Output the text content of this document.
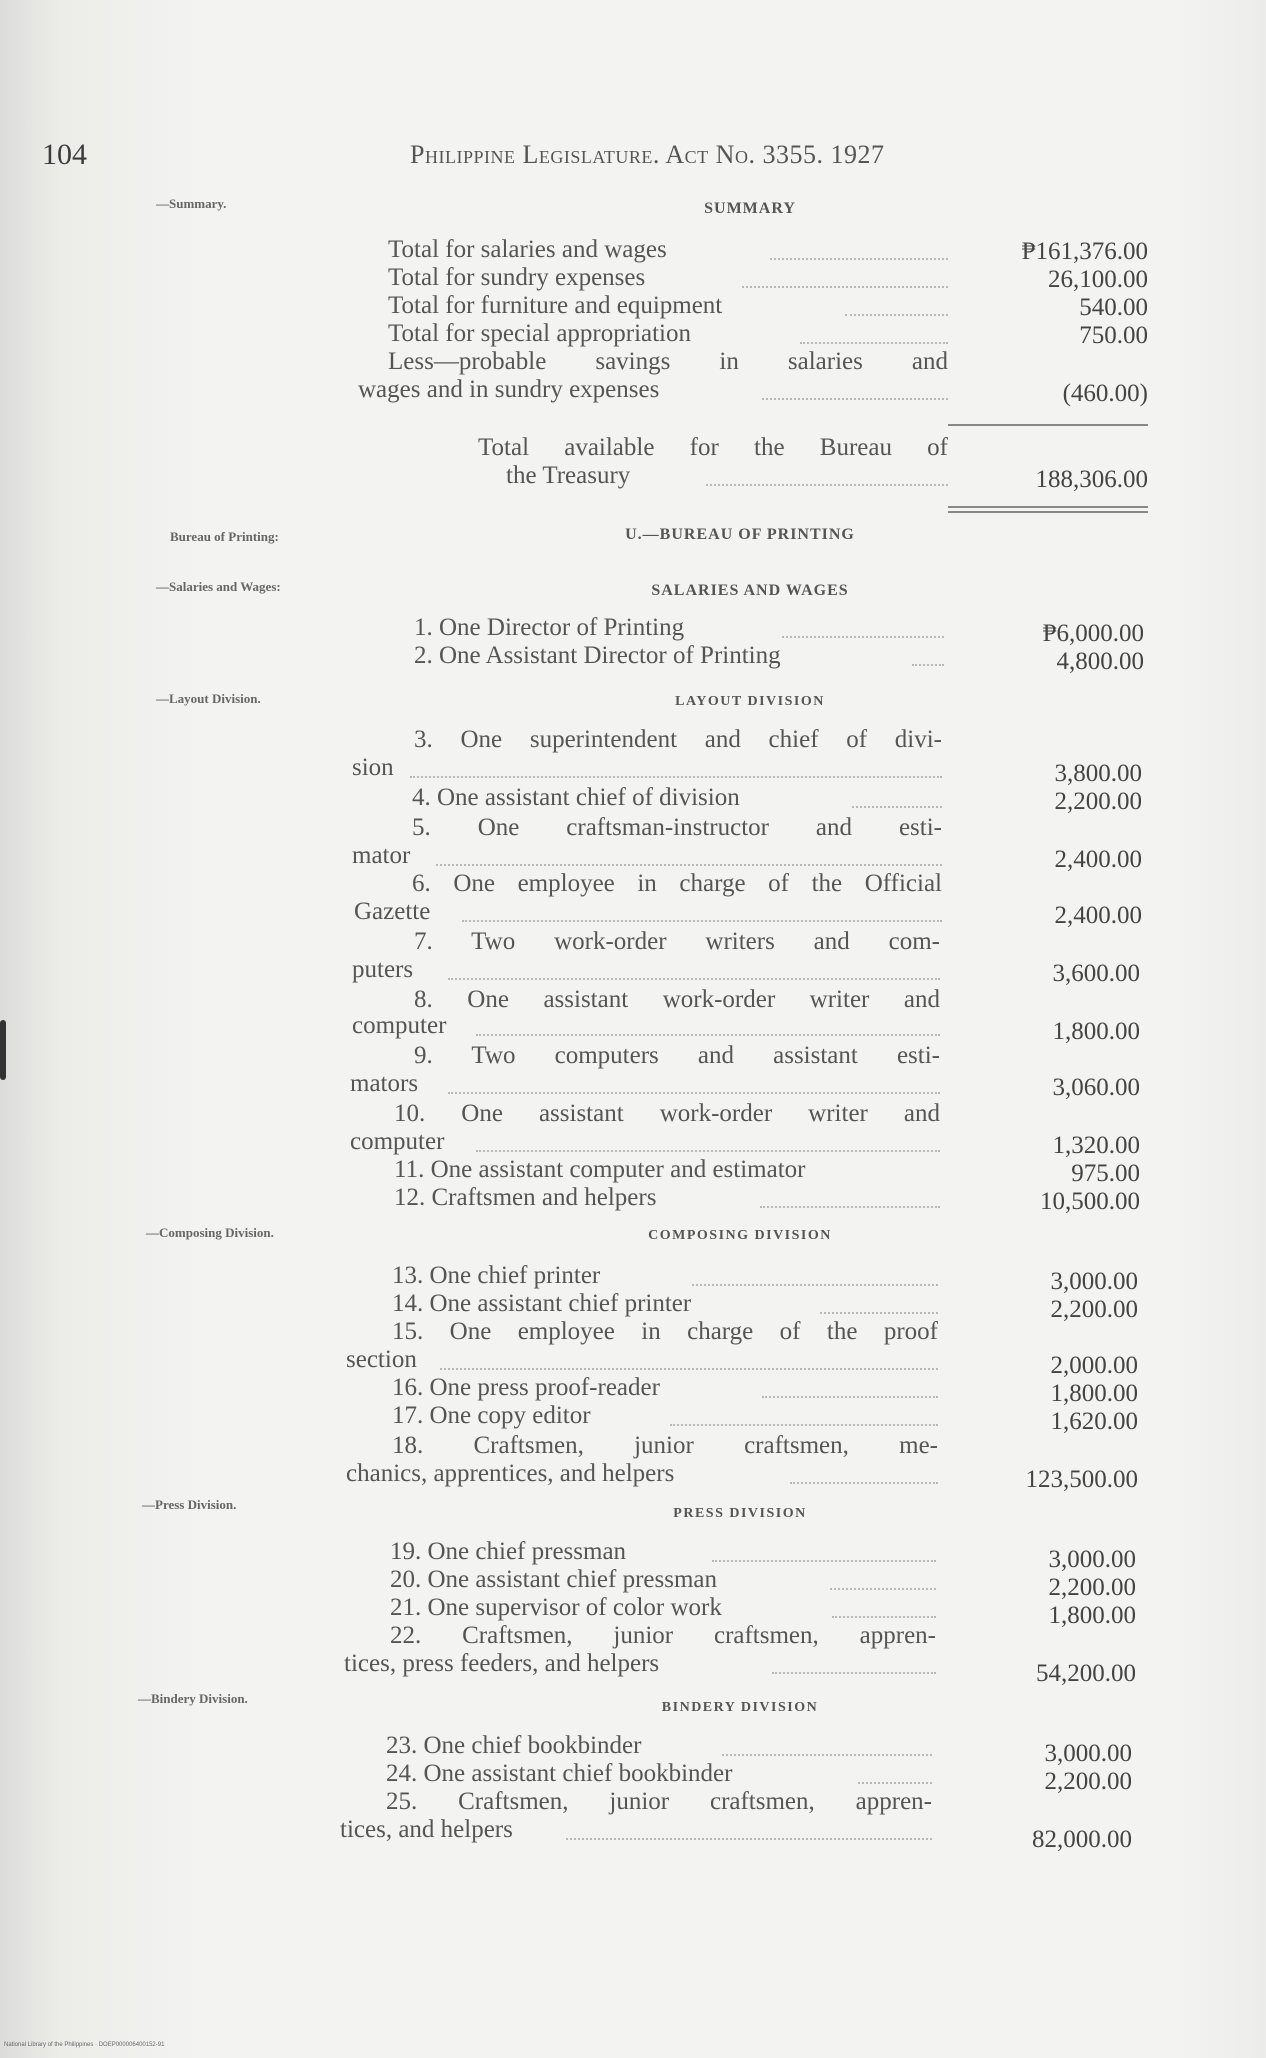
104	Philippine Legislature. Act No. 3355. 1927
—Summary.
Bureau of Printing:
—Salaries and Wages:
—Layout Division.
—Composing Division.
—Press Division.
—Bindery Division.
SUMMARY
Total for salaries and wages	₱161,376.00
Total for sundry expenses	26,100.00
Total for furniture and equipment	540.00
Total for special appropriation	750.00
Less—probable savings in salaries and
wages and in sundry expenses	(460.00)
Total available for the Bureau of
the Treasury	188,306.00
U.—BUREAU OF PRINTING
SALARIES AND WAGES
1. One Director of Printing	₱6,000.00
2. One Assistant Director of Printing	4,800.00
LAYOUT DIVISION
3. One superintendent and chief of divi-
sion	3,800.00
4. One assistant chief of division	2,200.00
5. One craftsman-instructor and esti-
mator	2,400.00
6. One employee in charge of the Official
Gazette	2,400.00
7. Two work-order writers and com-
puters	3,600.00
8. One assistant work-order writer and
computer	1,800.00
9. Two computers and assistant esti-
mators	3,060.00
10. One assistant work-order writer and
computer	1,320.00
11. One assistant computer and estimator	975.00
12. Craftsmen and helpers	10,500.00
COMPOSING DIVISION
13. One chief printer	3,000.00
14. One assistant chief printer	2,200.00
15. One employee in charge of the proof
section	2,000.00
16. One press proof-reader	1,800.00
17. One copy editor	1,620.00
18. Craftsmen, junior craftsmen, me-
chanics, apprentices, and helpers	123,500.00
PRESS DIVISION
19. One chief pressman	3,000.00
20. One assistant chief pressman	2,200.00
21. One supervisor of color work	1,800.00
22. Craftsmen, junior craftsmen, appren-
tices, press feeders, and helpers	54,200.00
BINDERY DIVISION
23. One chief bookbinder	3,000.00
24. One assistant chief bookbinder	2,200.00
25. Craftsmen, junior craftsmen, appren-
tices, and helpers	82,000.00
National Library of the Philippines · DOEP000006400152-91
